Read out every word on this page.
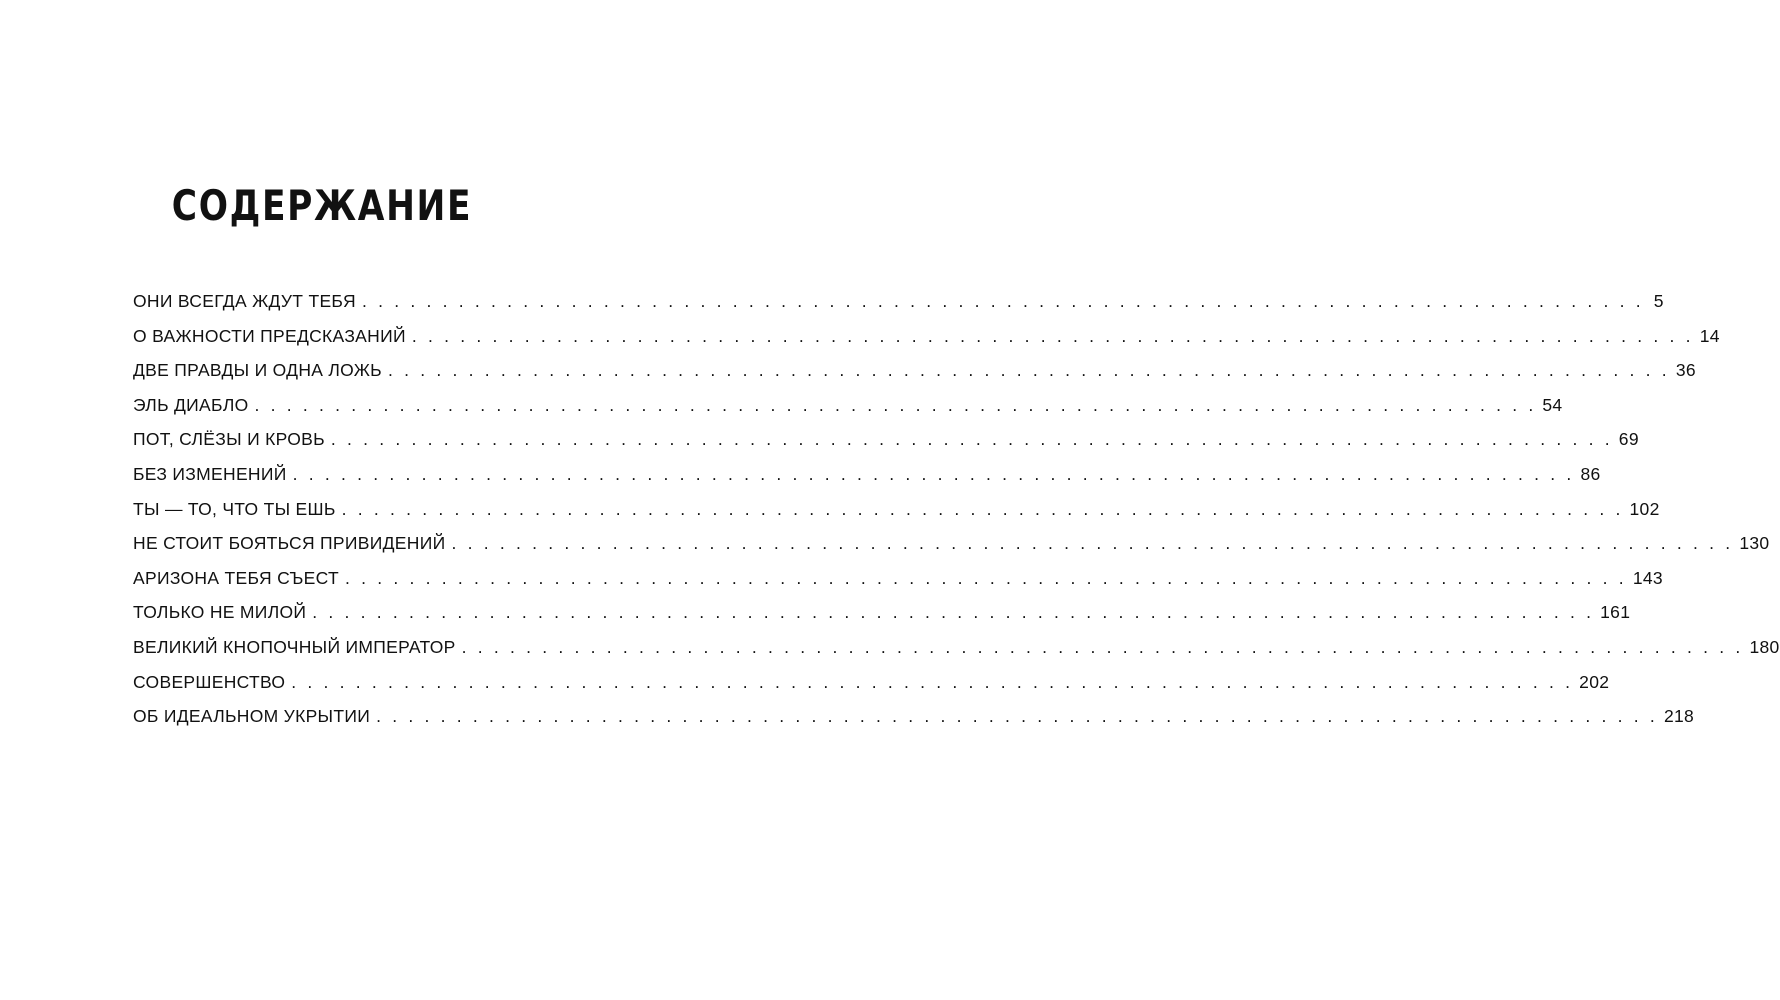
СОДЕРЖАНИЕ
ОНИ ВСЕГДА ЖДУТ ТЕБЯ . . . . . . . . . . . . . . . . . . . . . . . . . . . . . . . . . . . . . . . . . . . . . . . . . . . . . . . . . . . . . . . . . . . . . . . . . . . . . . . . 5
О ВАЖНОСТИ ПРЕДСКАЗАНИЙ . . . . . . . . . . . . . . . . . . . . . . . . . . . . . . . . . . . . . . . . . . . . . . . . . . . . . . . . . . . . . . . . . . . . . . . . . . . . . . . . 14
ДВЕ ПРАВДЫ И ОДНА ЛОЖЬ . . . . . . . . . . . . . . . . . . . . . . . . . . . . . . . . . . . . . . . . . . . . . . . . . . . . . . . . . . . . . . . . . . . . . . . . . . . . . . . . 36
ЭЛЬ ДИАБЛО . . . . . . . . . . . . . . . . . . . . . . . . . . . . . . . . . . . . . . . . . . . . . . . . . . . . . . . . . . . . . . . . . . . . . . . . . . . . . . . . 54
ПОТ, СЛЁЗЫ И КРОВЬ . . . . . . . . . . . . . . . . . . . . . . . . . . . . . . . . . . . . . . . . . . . . . . . . . . . . . . . . . . . . . . . . . . . . . . . . . . . . . . . . 69
БЕЗ ИЗМЕНЕНИЙ . . . . . . . . . . . . . . . . . . . . . . . . . . . . . . . . . . . . . . . . . . . . . . . . . . . . . . . . . . . . . . . . . . . . . . . . . . . . . . . . 86
ТЫ — ТО, ЧТО ТЫ ЕШЬ . . . . . . . . . . . . . . . . . . . . . . . . . . . . . . . . . . . . . . . . . . . . . . . . . . . . . . . . . . . . . . . . . . . . . . . . . . . . . . . . 102
НЕ СТОИТ БОЯТЬСЯ ПРИВИДЕНИЙ . . . . . . . . . . . . . . . . . . . . . . . . . . . . . . . . . . . . . . . . . . . . . . . . . . . . . . . . . . . . . . . . . . . . . . . . . . . . . . . . 130
АРИЗОНА ТЕБЯ СЪЕСТ . . . . . . . . . . . . . . . . . . . . . . . . . . . . . . . . . . . . . . . . . . . . . . . . . . . . . . . . . . . . . . . . . . . . . . . . . . . . . . . . 143
ТОЛЬКО НЕ МИЛОЙ . . . . . . . . . . . . . . . . . . . . . . . . . . . . . . . . . . . . . . . . . . . . . . . . . . . . . . . . . . . . . . . . . . . . . . . . . . . . . . . . 161
ВЕЛИКИЙ КНОПОЧНЫЙ ИМПЕРАТОР . . . . . . . . . . . . . . . . . . . . . . . . . . . . . . . . . . . . . . . . . . . . . . . . . . . . . . . . . . . . . . . . . . . . . . . . . . . . . . . . 180
СОВЕРШЕНСТВО . . . . . . . . . . . . . . . . . . . . . . . . . . . . . . . . . . . . . . . . . . . . . . . . . . . . . . . . . . . . . . . . . . . . . . . . . . . . . . . . 202
ОБ ИДЕАЛЬНОМ УКРЫТИИ . . . . . . . . . . . . . . . . . . . . . . . . . . . . . . . . . . . . . . . . . . . . . . . . . . . . . . . . . . . . . . . . . . . . . . . . . . . . . . . . 218
